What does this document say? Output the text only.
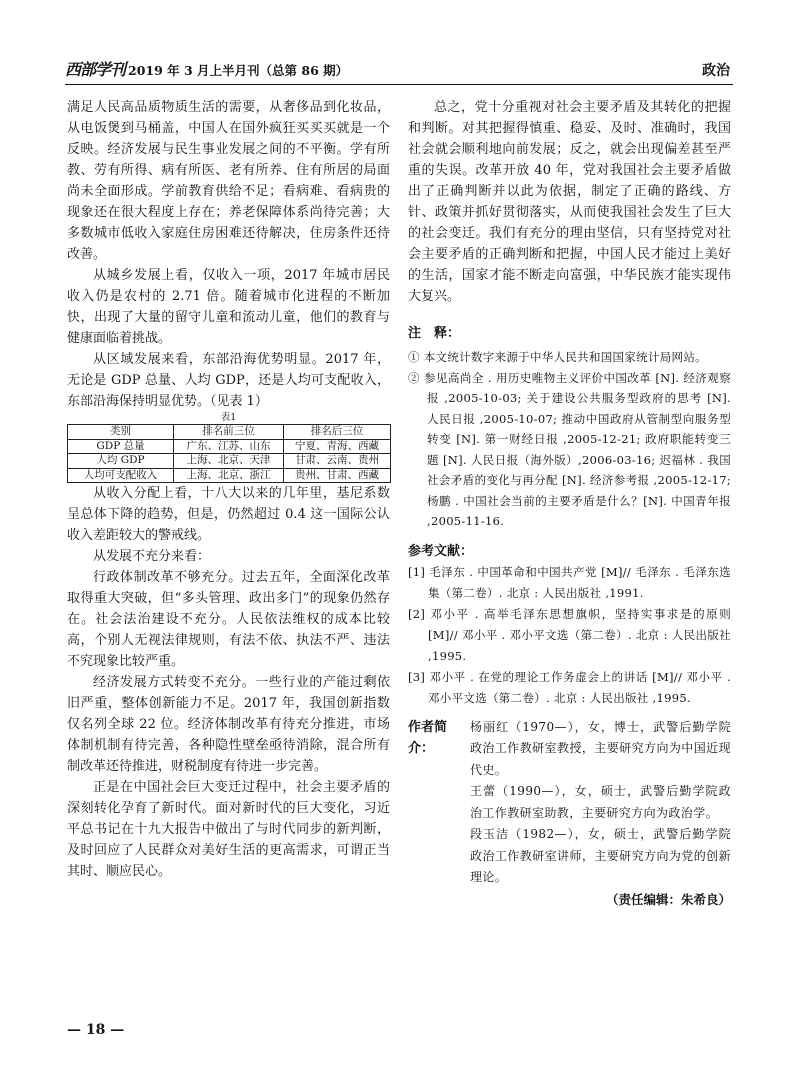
西部学刊 2019 年 3 月上半月刊（总第 86 期）	政治

满足人民高品质物质生活的需要，从奢侈品到化妆品，从电饭煲到马桶盖，中国人在国外疯狂买买买就是一个反映。经济发展与民生事业发展之间的不平衡。学有所教、劳有所得、病有所医、老有所养、住有所居的局面尚未全面形成。学前教育供给不足；看病难、看病贵的现象还在很大程度上存在；养老保障体系尚待完善；大多数城市低收入家庭住房困难还待解决，住房条件还待改善。

从城乡发展上看，仅收入一项，2017 年城市居民收入仍是农村的 2.71 倍。随着城市化进程的不断加快，出现了大量的留守儿童和流动儿童，他们的教育与健康面临着挑战。

从区域发展来看，东部沿海优势明显。2017 年，无论是 GDP 总量、人均 GDP，还是人均可支配收入，东部沿海保持明显优势。（见表 1）

表1

类别	排名前三位	排名后三位
GDP 总量	广东、江苏、山东	宁夏、青海、西藏
人均 GDP	上海、北京、天津	甘肃、云南、贵州
人均可支配收入	上海、北京、浙江	贵州、甘肃、西藏

从收入分配上看，十八大以来的几年里，基尼系数呈总体下降的趋势，但是，仍然超过 0.4 这一国际公认收入差距较大的警戒线。

从发展不充分来看：

行政体制改革不够充分。过去五年，全面深化改革取得重大突破，但“多头管理、政出多门”的现象仍然存在。社会法治建设不充分。人民依法维权的成本比较高，个别人无视法律规则，有法不依、执法不严、违法不究现象比较严重。

经济发展方式转变不充分。一些行业的产能过剩依旧严重，整体创新能力不足。2017 年，我国创新指数仅名列全球 22 位。经济体制改革有待充分推进，市场体制机制有待完善，各种隐性壁垒亟待消除，混合所有制改革还待推进，财税制度有待进一步完善。

正是在中国社会巨大变迁过程中，社会主要矛盾的深刻转化孕育了新时代。面对新时代的巨大变化，习近平总书记在十九大报告中做出了与时代同步的新判断，及时回应了人民群众对美好生活的更高需求，可谓正当其时、顺应民心。

总之，党十分重视对社会主要矛盾及其转化的把握和判断。对其把握得慎重、稳妥、及时、准确时，我国社会就会顺利地向前发展；反之，就会出现偏差甚至严重的失误。改革开放 40 年，党对我国社会主要矛盾做出了正确判断并以此为依据，制定了正确的路线、方针、政策并抓好贯彻落实，从而使我国社会发生了巨大的社会变迁。我们有充分的理由坚信，只有坚持党对社会主要矛盾的正确判断和把握，中国人民才能过上美好的生活，国家才能不断走向富强，中华民族才能实现伟大复兴。

注　释：

① 本文统计数字来源于中华人民共和国国家统计局网站。

② 参见高尚全 . 用历史唯物主义评价中国改革 [N]. 经济观察报 ,2005-10-03; 关于建设公共服务型政府的思考 [N]. 人民日报 ,2005-10-07; 推动中国政府从管制型向服务型转变 [N]. 第一财经日报 ,2005-12-21; 政府职能转变三题 [N]. 人民日报（海外版）,2006-03-16; 迟福林 . 我国社会矛盾的变化与再分配 [N]. 经济参考报 ,2005-12-17; 杨鹏 . 中国社会当前的主要矛盾是什么？[N]. 中国青年报 ,2005-11-16.

参考文献：

[1] 毛泽东 . 中国革命和中国共产党 [M]// 毛泽东 . 毛泽东选集（第二卷）. 北京 : 人民出版社 ,1991.

[2] 邓小平 . 高举毛泽东思想旗帜，坚持实事求是的原则 [M]// 邓小平 . 邓小平文选（第二卷）. 北京 : 人民出版社 ,1995.

[3] 邓小平 . 在党的理论工作务虚会上的讲话 [M]// 邓小平 . 邓小平文选（第二卷）. 北京 : 人民出版社 ,1995.

作者简介：

杨丽红（1970—），女，博士，武警后勤学院政治工作教研室教授，主要研究方向为中国近现代史。

王蕾（1990—），女，硕士，武警后勤学院政治工作教研室助教，主要研究方向为政治学。

段玉洁（1982—），女，硕士，武警后勤学院政治工作教研室讲师，主要研究方向为党的创新理论。

（责任编辑：朱希良）
— 18 —
